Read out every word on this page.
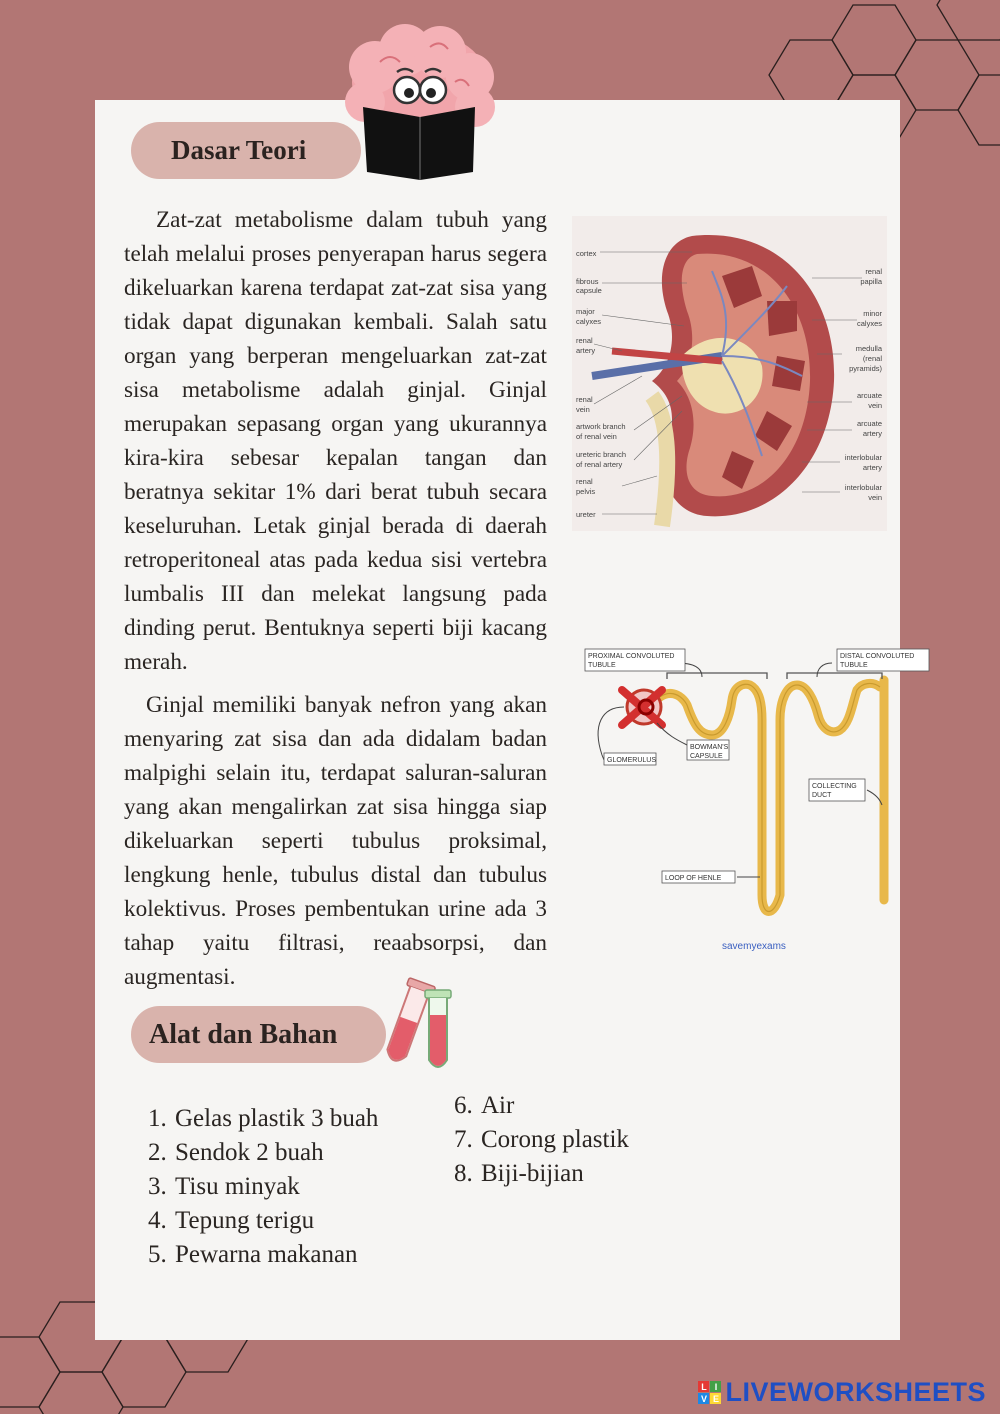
Dasar Teori

Zat-zat metabolisme dalam tubuh yang telah melalui proses penyerapan harus segera dikeluarkan karena terdapat zat-zat sisa yang tidak dapat digunakan kembali. Salah satu organ yang berperan mengeluarkan zat-zat sisa metabolisme adalah ginjal. Ginjal merupakan sepasang organ yang ukurannya kira-kira sebesar kepalan tangan dan beratnya sekitar 1% dari berat tubuh secara keseluruhan. Letak ginjal berada di daerah retroperitoneal atas pada kedua sisi vertebra lumbalis III dan melekat langsung pada dinding perut. Bentuknya seperti biji kacang merah.

Ginjal memiliki banyak nefron yang akan menyaring zat sisa dan ada didalam badan malpighi selain itu, terdapat saluran-saluran yang akan mengalirkan zat sisa hingga siap dikeluarkan seperti tubulus proksimal, lengkung henle, tubulus distal dan tubulus kolektivus. Proses pembentukan urine ada 3 tahap yaitu filtrasi, reaabsorpsi, dan augmentasi.

cortex
fibrous
capsule
major
calyxes
renal
artery
renal
vein
artwork branch
of renal vein
ureteric branch
of renal artery
renal
pelvis
ureter
renal
papilla
minor
calyxes
medulla
(renal
pyramids)
arcuate
vein
arcuate
artery
interlobular
artery
interlobular
vein
PROXIMAL CONVOLUTED
TUBULE
DISTAL CONVOLUTED
TUBULE
BOWMAN'S
CAPSULE
GLOMERULUS
COLLECTING
DUCT
LOOP OF HENLE
savemyexams
Alat dan Bahan
1. Gelas plastik 3 buah
2. Sendok 2 buah
3. Tisu minyak
4. Tepung terigu
5. Pewarna makanan
6. Air
7. Corong plastik
8. Biji-bijian
L I
V E LIVEWORKSHEETS
